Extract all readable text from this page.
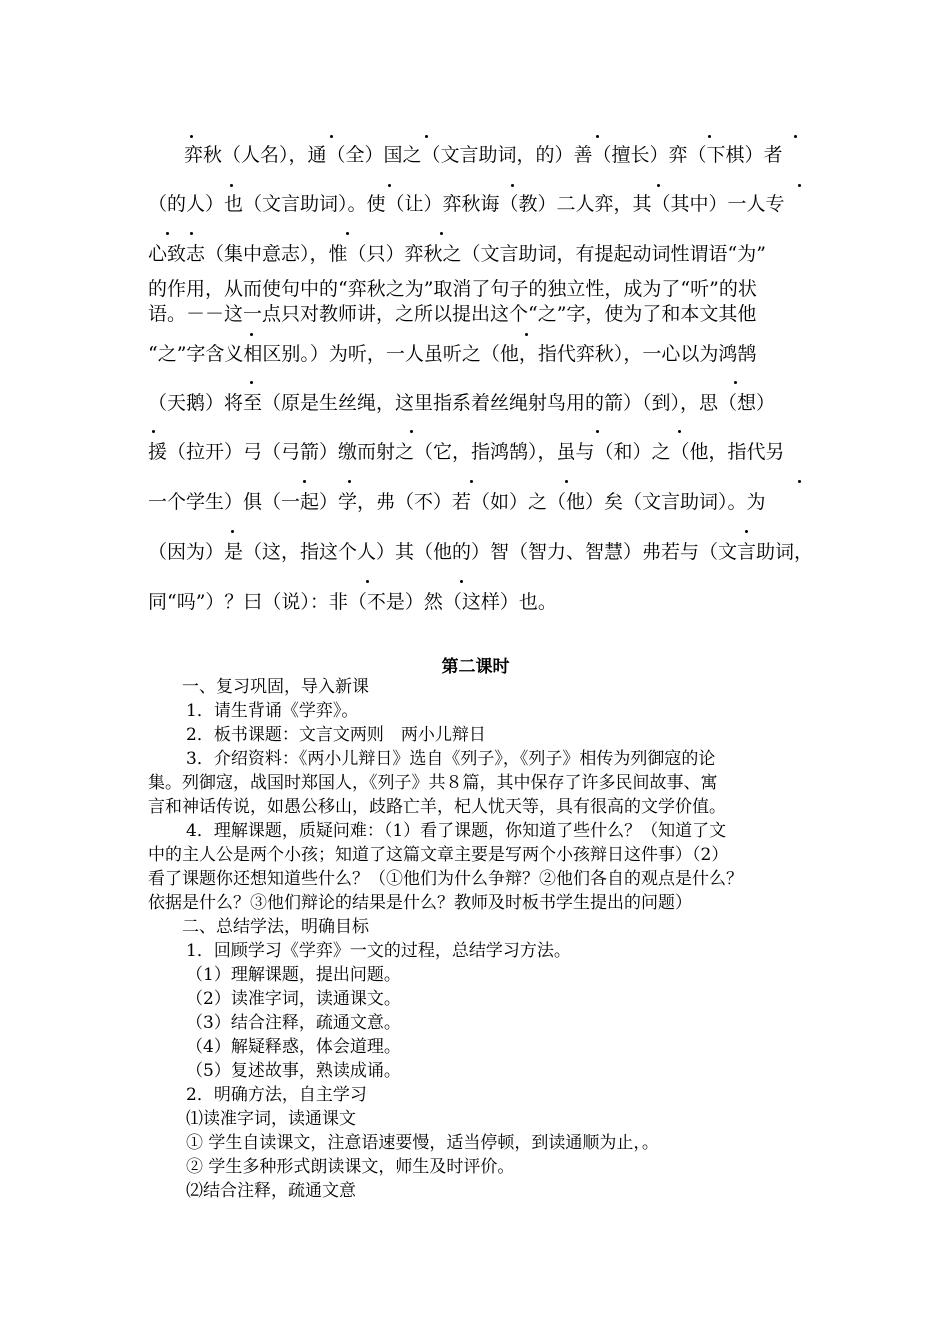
弈秋（人名），通（全）国之（文言助词，的）善（擅长）弈（下棋）者
（的人）也（文言助词）。使（让）弈秋诲（教）二人弈，其（其中）一人专
心致志（集中意志），惟（只）弈秋之（文言助词，有提起动词性谓语“为”
的作用，从而使句中的“弈秋之为”取消了句子的独立性，成为了“听”的状
语。－－这一点只对教师讲，之所以提出这个“之”字，使为了和本文其他
“之”字含义相区别。）为听，一人虽听之（他，指代弈秋），一心以为鸿鹄
（天鹅）将至（原是生丝绳，这里指系着丝绳射鸟用的箭）（到），思（想）
援（拉开）弓（弓箭）缴而射之（它，指鸿鹄），虽与（和）之（他，指代另
一个学生）俱（一起）学，弗（不）若（如）之（他）矣（文言助词）。为
（因为）是（这，指这个人）其（他的）智（智力、智慧）弗若与（文言助词，
同“吗”）？曰（说）：非（不是）然（这样）也。
第二课时
一、复习巩固，导入新课
1．请生背诵《学弈》。
2．板书课题：文言文两则　两小儿辩日
3．介绍资料：《两小儿辩日》选自《列子》，《列子》相传为列御寇的论
集。列御寇，战国时郑国人，《列子》共８篇，其中保存了许多民间故事、寓
言和神话传说，如愚公移山，歧路亡羊，杞人忧天等，具有很高的文学价值。
4．理解课题，质疑问难：（1）看了课题，你知道了些什么？（知道了文
中的主人公是两个小孩；知道了这篇文章主要是写两个小孩辩日这件事）（2）
看了课题你还想知道些什么？（①他们为什么争辩？②他们各自的观点是什么？
依据是什么？③他们辩论的结果是什么？教师及时板书学生提出的问题）
二、总结学法，明确目标
1．回顾学习《学弈》一文的过程，总结学习方法。
（1）理解课题，提出问题。
（2）读准字词，读通课文。
（3）结合注释，疏通文意。
（4）解疑释惑，体会道理。
（5）复述故事，熟读成诵。
2．明确方法，自主学习
⑴读准字词，读通课文
① 学生自读课文，注意语速要慢，适当停顿，到读通顺为止，。
② 学生多种形式朗读课文，师生及时评价。
⑵结合注释，疏通文意
